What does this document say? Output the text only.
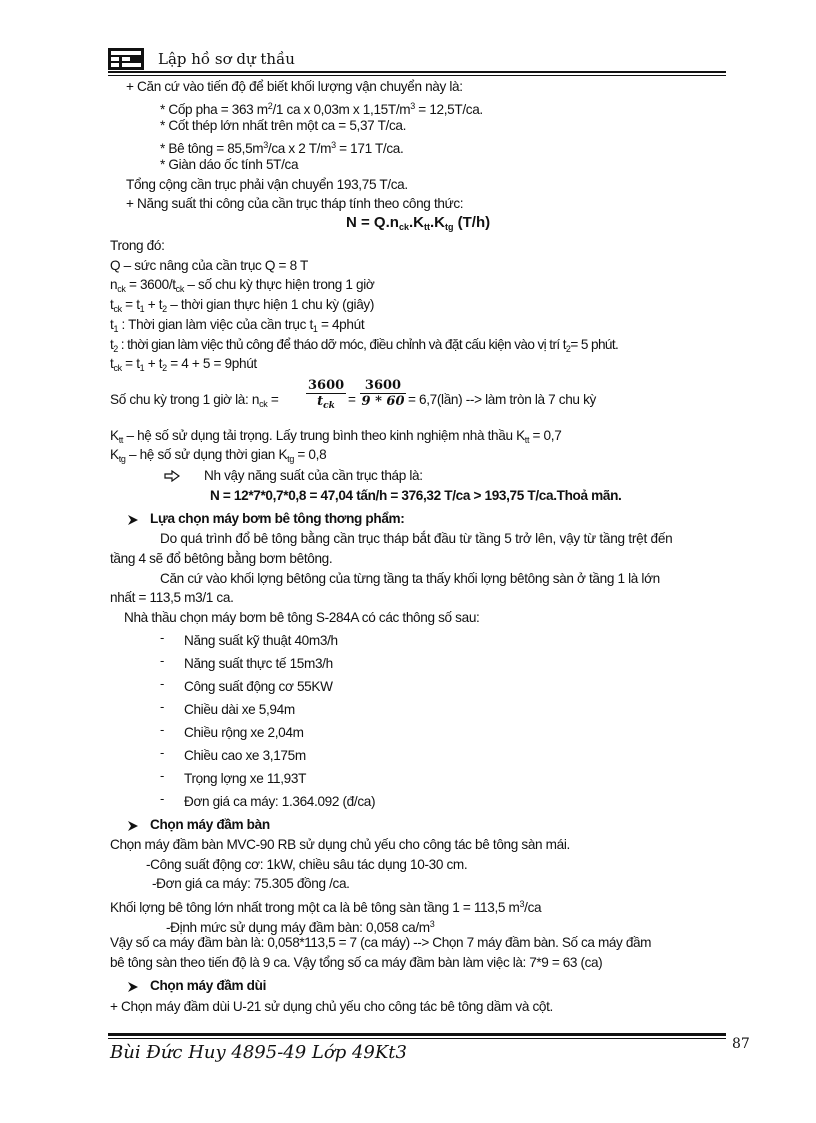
Lập hồ sơ dự thầu
+ Căn cứ vào tiến độ để biết khối lượng vận chuyển này là:
* Cốp pha = 363 $m^2/1$ ca x 0,03m x $1,15T/m^3 = 12,5T/ca$.
* Cốt thép lớn nhất trên một ca = 5,37 T/ca.
* Bê tông = $85,5m^3/ca$ x 2 $T/m^3 = 171$ T/ca.
* Giàn dáo ốc tính 5T/ca
Tổng cộng cần trục phải vận chuyển 193,75 T/ca.
+ Năng suất thi công của cần trục tháp tính theo công thức:
$N = Q.n_{ck}.K_{tt}.K_{tg}$ (T/h)
Trong đó:
Q – sức nâng của cần trục Q = 8 T
$n_{ck} = 3600/t_{ck}$ – số chu kỳ thực hiện trong 1 giờ
$t_{ck} = t_1 + t_2$ – thời gian thực hiện 1 chu kỳ (giây)
$t_1$ : Thời gian làm việc của cần trục $t_1$ = 4phút
$t_2$ : thời gian làm việc thủ công để tháo dỡ móc, điều chỉnh và đặt cấu kiện vào vị trí $t_2= 5$ phút.
$t_{ck} = t_1 + t_2 = 4 + 5$ = 9phút
Số chu kỳ trong 1 giờ là: $n_{ck}$ =
3600
$t_{ck} = \frac{3600}{9 * 60}$ = 6,7(lần) --> làm tròn là 7 chu kỳ
$K_{tt}$ – hệ số sử dụng tải trọng. Lấy trung bình theo kinh nghiệm nhà thầu $K_{tt} = 0,7$
$K_{tg}$ – hệ số sử dụng thời gian $K_{tg} = 0,8$
Nh vậy năng suất của cần trục tháp là:
N = 12*7*0,7*0,8 = 47,04 tấn/h = 376,32 T/ca > 193,75 T/ca.Thoả mãn.
Lựa chọn máy bơm bê tông thơng phẩm:
Do quá trình đổ bê tông bằng cần trục tháp bắt đầu từ tầng 5 trở lên, vậy từ tầng trệt đến
tầng 4 sẽ đổ bêtông bằng bơm bêtông.
Căn cứ vào khối lợng bêtông của từng tầng ta thấy khối lợng bêtông sàn ở tầng 1 là lớn
nhất = 113,5 m3/1 ca.
Nhà thầu chọn máy bơm bê tông S-284A có các thông số sau:
- Năng suất kỹ thuật 40m3/h
- Năng suất thực tế 15m3/h
- Công suất động cơ 55KW
- Chiều dài xe 5,94m
- Chiều rộng xe 2,04m
- Chiều cao xe 3,175m
- Trọng lợng xe 11,93T
- Đơn giá ca máy: 1.364.092 (đ/ca)
Chọn máy đầm bàn
Chọn máy đầm bàn MVC-90 RB sử dụng chủ yếu cho công tác bê tông sàn mái.
-Công suất động cơ: 1kW, chiều sâu tác dụng 10-30 cm.
-Đơn giá ca máy: 75.305 đồng /ca.
Khối lợng bê tông lớn nhất trong một ca là bê tông sàn tầng 1 = 113,5 $m^3/ca$
-Định mức sử dụng máy đầm bàn: 0,058 $ca/m^3$
Vậy số ca máy đầm bàn là: 0,058*113,5 = 7 (ca máy) --> Chọn 7 máy đầm bàn. Số ca máy đầm
bê tông sàn theo tiến độ là 9 ca. Vậy tổng số ca máy đầm bàn làm việc là: 7*9 = 63 (ca)
Chọn máy đầm dùi
+ Chọn máy đầm dùi U-21 sử dụng chủ yếu cho công tác bê tông dầm và cột.
Bùi Đức Huy 4895-49 Lớp 49Kt3	87
